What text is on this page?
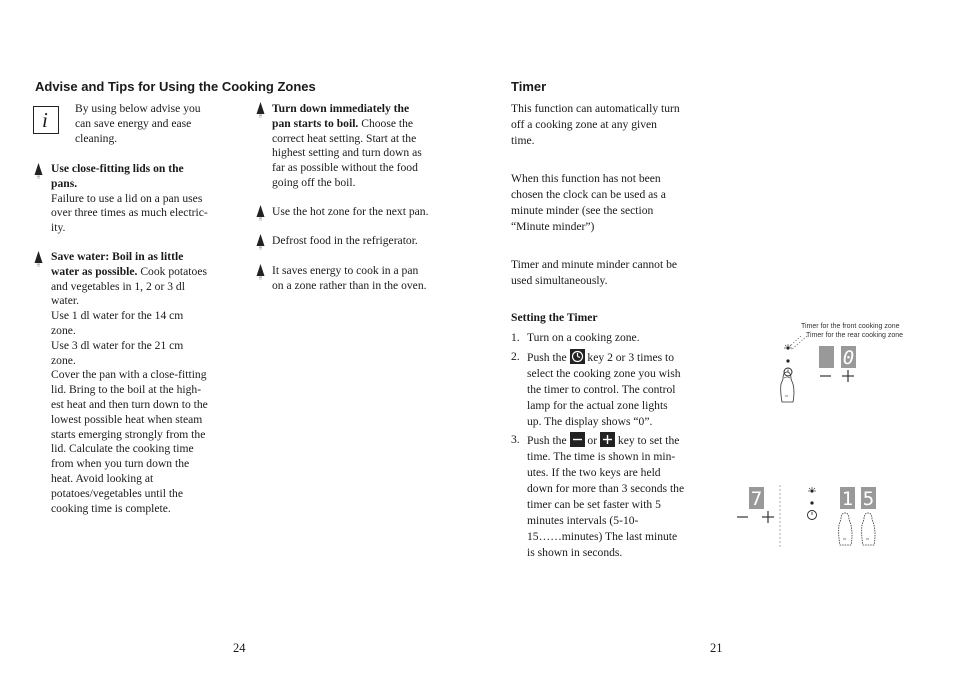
Advise and Tips for Using the Cooking Zones
i By using below advise you
can save energy and ease
cleaning.
!!!
Use close-fitting lids on the
pans.
Failure to use a lid on a pan uses
over three times as much electric-
ity.
!!!
Save water: Boil in as little
water as possible. Cook potatoes
and vegetables in 1, 2 or 3 dl
water.
Use 1 dl water for the 14 cm
zone.
Use 3 dl water for the 21 cm
zone.
Cover the pan with a close-fitting
lid. Bring to the boil at the high-
est heat and then turn down to the
lowest possible heat when steam
starts emerging strongly from the
lid. Calculate the cooking time
from when you turn down the
heat. Avoid looking at
potatoes/vegetables until the
cooking time is complete.
!!!
Turn down immediately the
pan starts to boil. Choose the
correct heat setting. Start at the
highest setting and turn down as
far as possible without the food
going off the boil.
!!!
Use the hot zone for the next pan.
!!!
Defrost food in the refrigerator.
!!!
It saves energy to cook in a pan
on a zone rather than in the oven.
24
Timer
This function can automatically turn
off a cooking zone at any given
time.
When this function has not been
chosen the clock can be used as a
minute minder (see the section
“Minute minder”)
Timer and minute minder cannot be
used simultaneously.
Setting the Timer
1. Turn on a cooking zone.
2. Push the  key 2 or 3 times to
select the cooking zone you wish
the timer to control. The control
lamp for the actual zone lights
up. The display shows “0”.
3. Push the  or  key to set the
time. The time is shown in min-
utes. If the two keys are held
down for more than 3 seconds the
timer can be set faster with 5
minutes intervals (5-10-
15……minutes) The last minute
is shown in seconds.
Timer for the front cooking zone
Timer for the rear cooking zone
≈
0
7	1 5
≈	≈
21
